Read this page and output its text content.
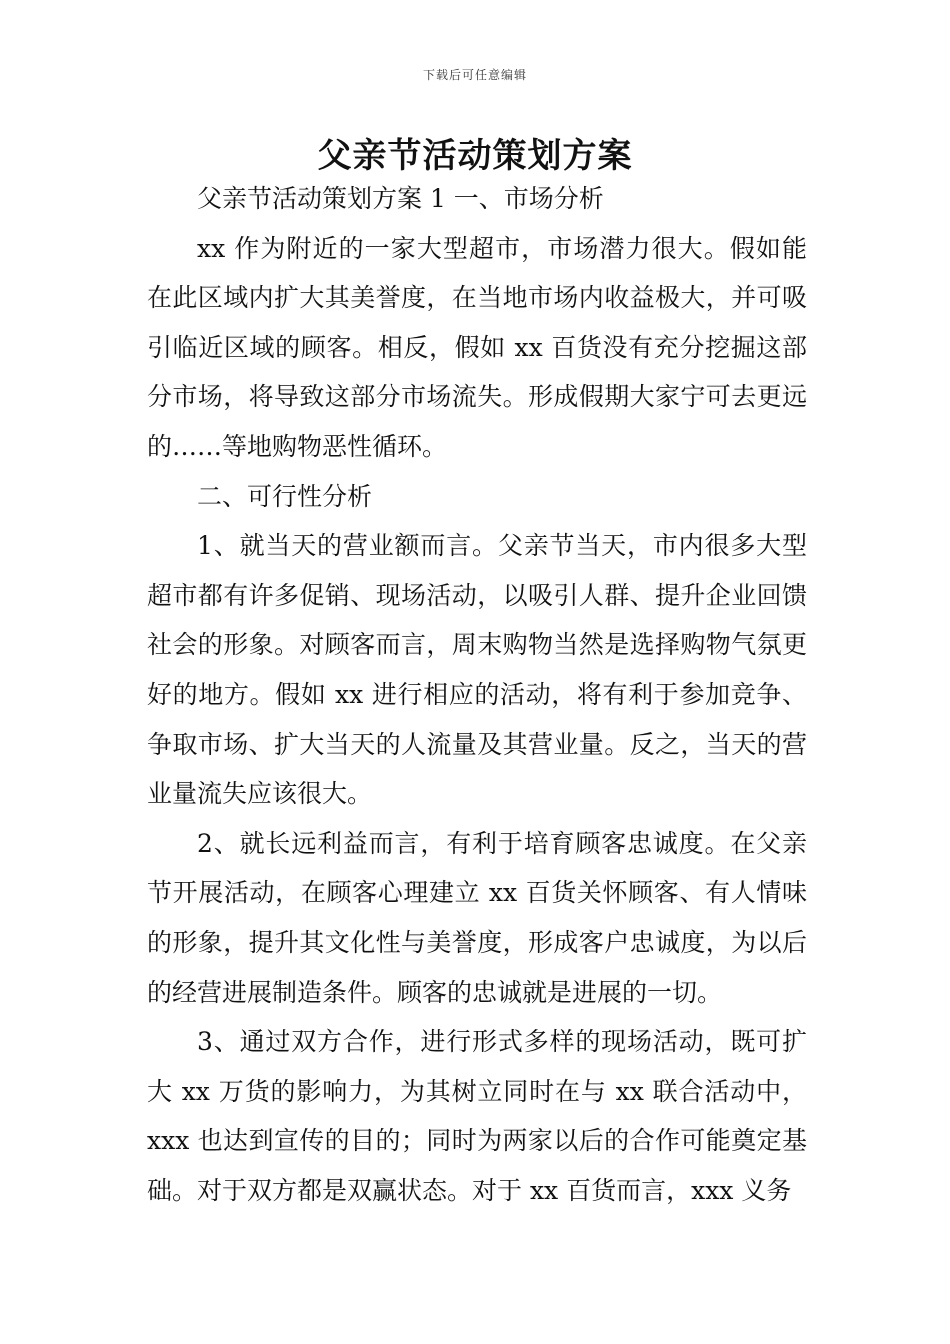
下载后可任意编辑
父亲节活动策划方案

父亲节活动策划方案 1 一、市场分析

xx 作为附近的一家大型超市，市场潜力很大。假如能在此区域内扩大其美誉度，在当地市场内收益极大，并可吸引临近区域的顾客。相反，假如 xx 百货没有充分挖掘这部分市场，将导致这部分市场流失。形成假期大家宁可去更远的……等地购物恶性循环。

二、可行性分析

1、就当天的营业额而言。父亲节当天，市内很多大型超市都有许多促销、现场活动，以吸引人群、提升企业回馈社会的形象。对顾客而言，周末购物当然是选择购物气氛更好的地方。假如 xx 进行相应的活动，将有利于参加竞争、争取市场、扩大当天的人流量及其营业量。反之，当天的营业量流失应该很大。

2、就长远利益而言，有利于培育顾客忠诚度。在父亲节开展活动，在顾客心理建立 xx 百货关怀顾客、有人情味的形象，提升其文化性与美誉度，形成客户忠诚度，为以后的经营进展制造条件。顾客的忠诚就是进展的一切。

3、通过双方合作，进行形式多样的现场活动，既可扩大 xx 万货的影响力，为其树立同时在与 xx 联合活动中，xxx 也达到宣传的目的；同时为两家以后的合作可能奠定基础。对于双方都是双赢状态。对于 xx 百货而言，xxx 义务
